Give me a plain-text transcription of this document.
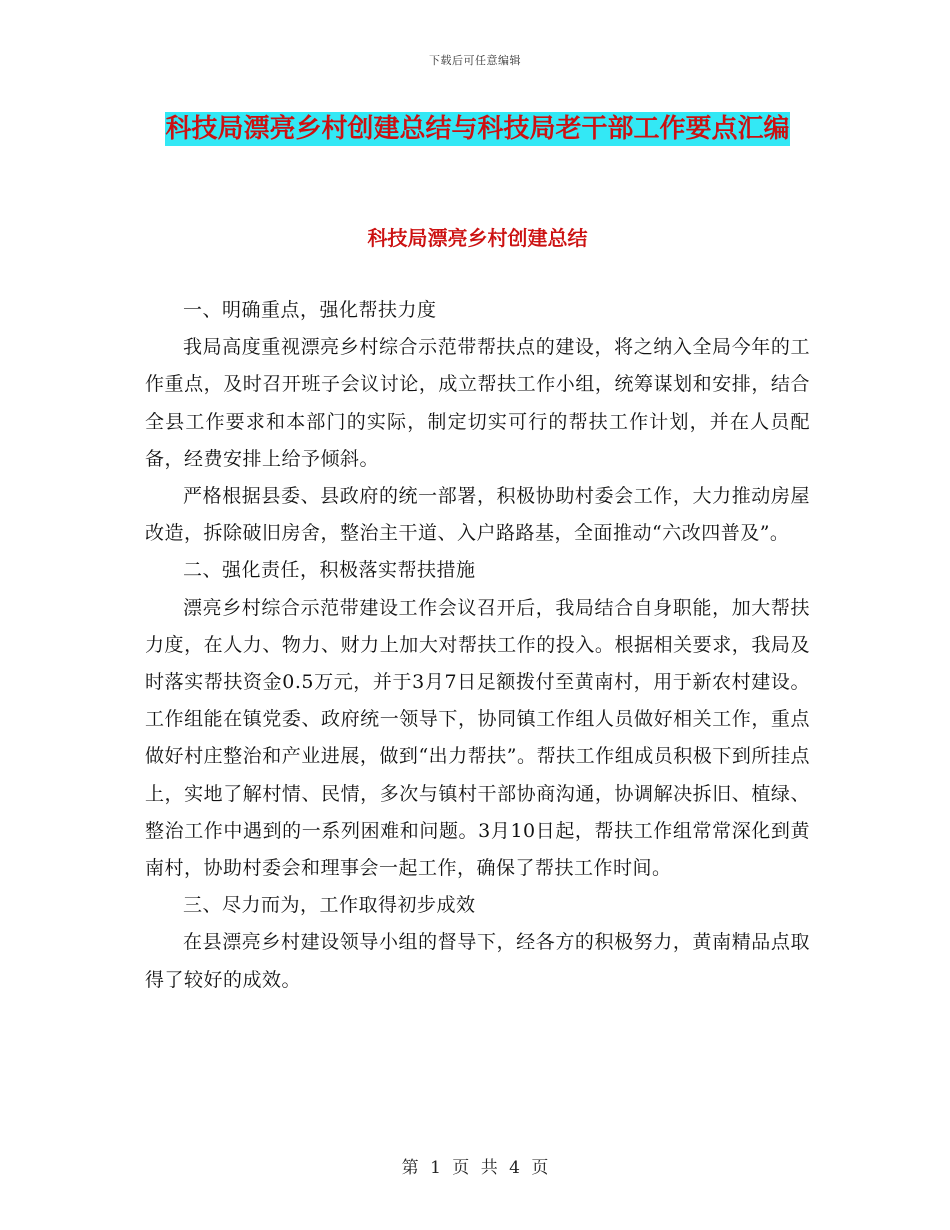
下载后可任意编辑
科技局漂亮乡村创建总结与科技局老干部工作要点汇编
科技局漂亮乡村创建总结

一、明确重点，强化帮扶力度

我局高度重视漂亮乡村综合示范带帮扶点的建设，将之纳入全局今年的工作重点，及时召开班子会议讨论，成立帮扶工作小组，统筹谋划和安排，结合全县工作要求和本部门的实际，制定切实可行的帮扶工作计划，并在人员配备，经费安排上给予倾斜。

严格根据县委、县政府的统一部署，积极协助村委会工作，大力推动房屋改造，拆除破旧房舍，整治主干道、入户路路基，全面推动“六改四普及”。

二、强化责任，积极落实帮扶措施

漂亮乡村综合示范带建设工作会议召开后，我局结合自身职能，加大帮扶力度，在人力、物力、财力上加大对帮扶工作的投入。根据相关要求，我局及时落实帮扶资金0.5万元，并于3月7日足额拨付至黄南村，用于新农村建设。工作组能在镇党委、政府统一领导下，协同镇工作组人员做好相关工作，重点做好村庄整治和产业进展，做到“出力帮扶”。帮扶工作组成员积极下到所挂点上，实地了解村情、民情，多次与镇村干部协商沟通，协调解决拆旧、植绿、整治工作中遇到的一系列困难和问题。3月10日起，帮扶工作组常常深化到黄南村，协助村委会和理事会一起工作，确保了帮扶工作时间。

三、尽力而为，工作取得初步成效

在县漂亮乡村建设领导小组的督导下，经各方的积极努力，黄南精品点取得了较好的成效。

第 1 页 共 4 页
